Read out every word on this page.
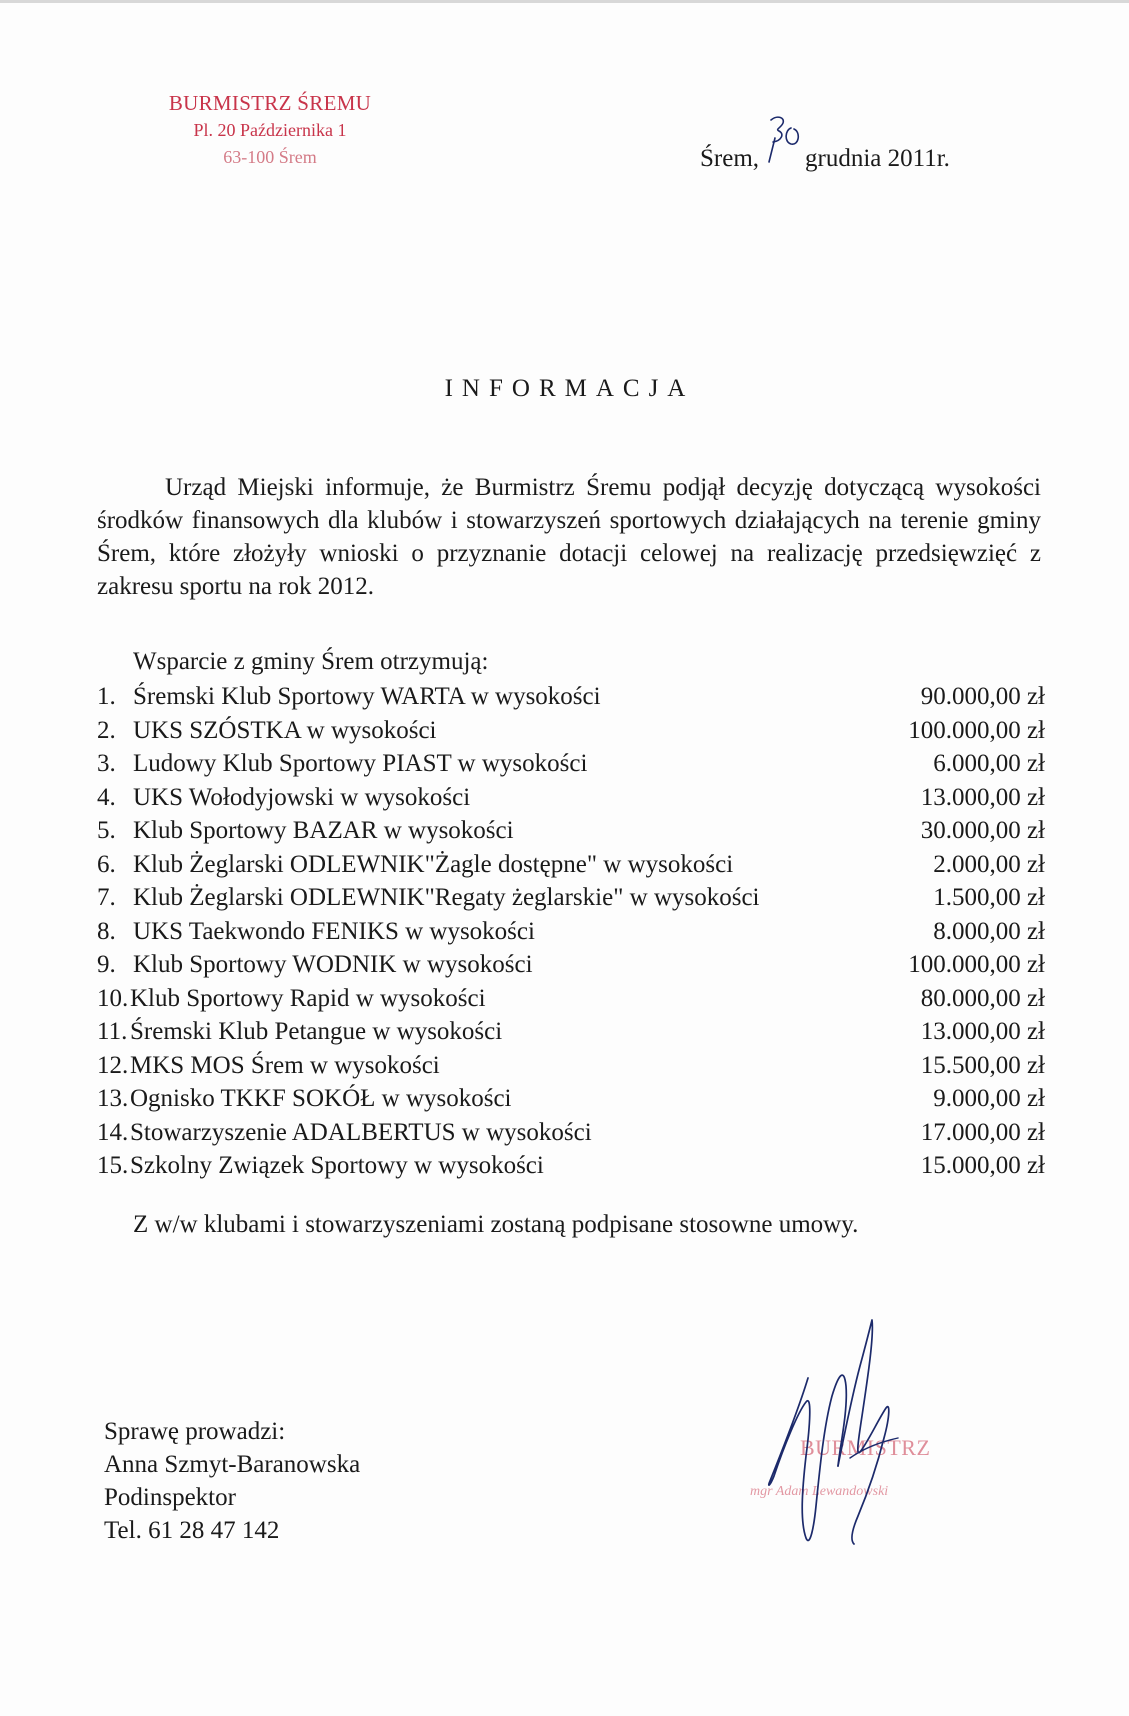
BURMISTRZ ŚREMU
Pl. 20 Października 1
63-100 Śrem	Śrem, grudnia 2011r.
INFORMACJA

Urząd Miejski informuje, że Burmistrz Śremu podjął decyzję dotyczącą wysokości środków finansowych dla klubów i stowarzyszeń sportowych działających na terenie gminy Śrem, które złożyły wnioski o przyznanie dotacji celowej na realizację przedsięwzięć z zakresu sportu na rok 2012.

Wsparcie z gminy Śrem otrzymują:
1. Śremski Klub Sportowy WARTA w wysokości	90.000,00 zł
2. UKS SZÓSTKA w wysokości	100.000,00 zł
3. Ludowy Klub Sportowy PIAST w wysokości	6.000,00 zł
4. UKS Wołodyjowski w wysokości	13.000,00 zł
5. Klub Sportowy BAZAR w wysokości	30.000,00 zł
6. Klub Żeglarski ODLEWNIK"Żagle dostępne" w wysokości	2.000,00 zł
7. Klub Żeglarski ODLEWNIK"Regaty żeglarskie" w wysokości	1.500,00 zł
8. UKS Taekwondo FENIKS w wysokości	8.000,00 zł
9. Klub Sportowy WODNIK w wysokości	100.000,00 zł
10. Klub Sportowy Rapid w wysokości	80.000,00 zł
11. Śremski Klub Petangue w wysokości	13.000,00 zł
12. MKS MOS Śrem w wysokości	15.500,00 zł
13. Ognisko TKKF SOKÓŁ w wysokości	9.000,00 zł
14. Stowarzyszenie ADALBERTUS w wysokości	17.000,00 zł
15. Szkolny Związek Sportowy w wysokości	15.000,00 zł
Z w/w klubami i stowarzyszeniami zostaną podpisane stosowne umowy.
Sprawę prowadzi:
Anna Szmyt-Baranowska
Podinspektor
Tel. 61 28 47 142
BURMISTRZ
mgr Adam Lewandowski
